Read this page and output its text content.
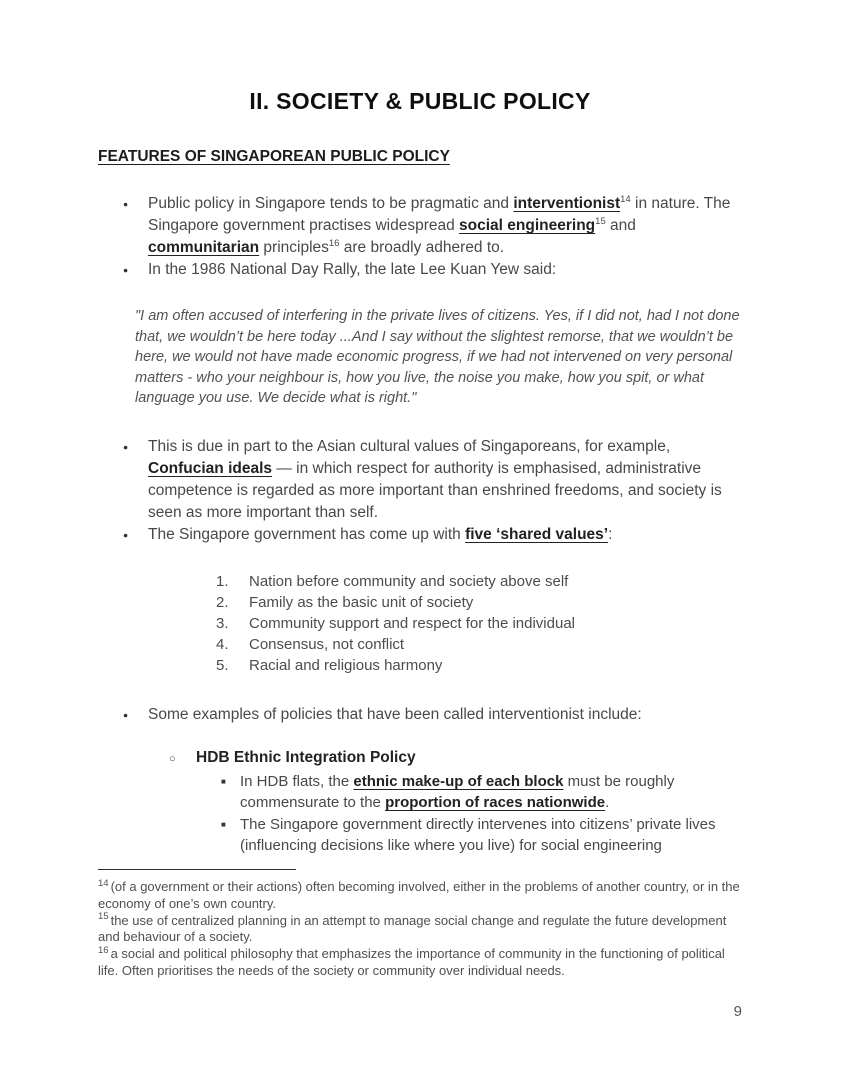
II. SOCIETY & PUBLIC POLICY
FEATURES OF SINGAPOREAN PUBLIC POLICY
● Public policy in Singapore tends to be pragmatic and interventionist$^{14}$ in nature. The Singapore government practises widespread social engineering$^{15}$ and communitarian principles$^{16}$ are broadly adhered to.
● In the 1986 National Day Rally, the late Lee Kuan Yew said:

"I am often accused of interfering in the private lives of citizens. Yes, if I did not, had I not done that, we wouldn’t be here today ...And I say without the slightest remorse, that we wouldn’t be here, we would not have made economic progress, if we had not intervened on very personal matters - who your neighbour is, how you live, the noise you make, how you spit, or what language you use. We decide what is right."

● This is due in part to the Asian cultural values of Singaporeans, for example, Confucian ideals — in which respect for authority is emphasised, administrative competence is regarded as more important than enshrined freedoms, and society is seen as more important than self.
● The Singapore government has come up with five ‘shared values’:
Nation before community and society above self
Family as the basic unit of society
Community support and respect for the individual
Consensus, not conflict
Racial and religious harmony
● Some examples of policies that have been called interventionist include:
○ HDB Ethnic Integration Policy
■ In HDB flats, the ethnic make-up of each block must be roughly commensurate to the proportion of races nationwide.
■ The Singapore government directly intervenes into citizens’ private lives (influencing decisions like where you live) for social engineering

$^{14}$ (of a government or their actions) often becoming involved, either in the problems of another country, or in the economy of one’s own country.

$^{15}$ the use of centralized planning in an attempt to manage social change and regulate the future development and behaviour of a society.

$^{16}$ a social and political philosophy that emphasizes the importance of community in the functioning of political life. Often prioritises the needs of the society or community over individual needs.

9
